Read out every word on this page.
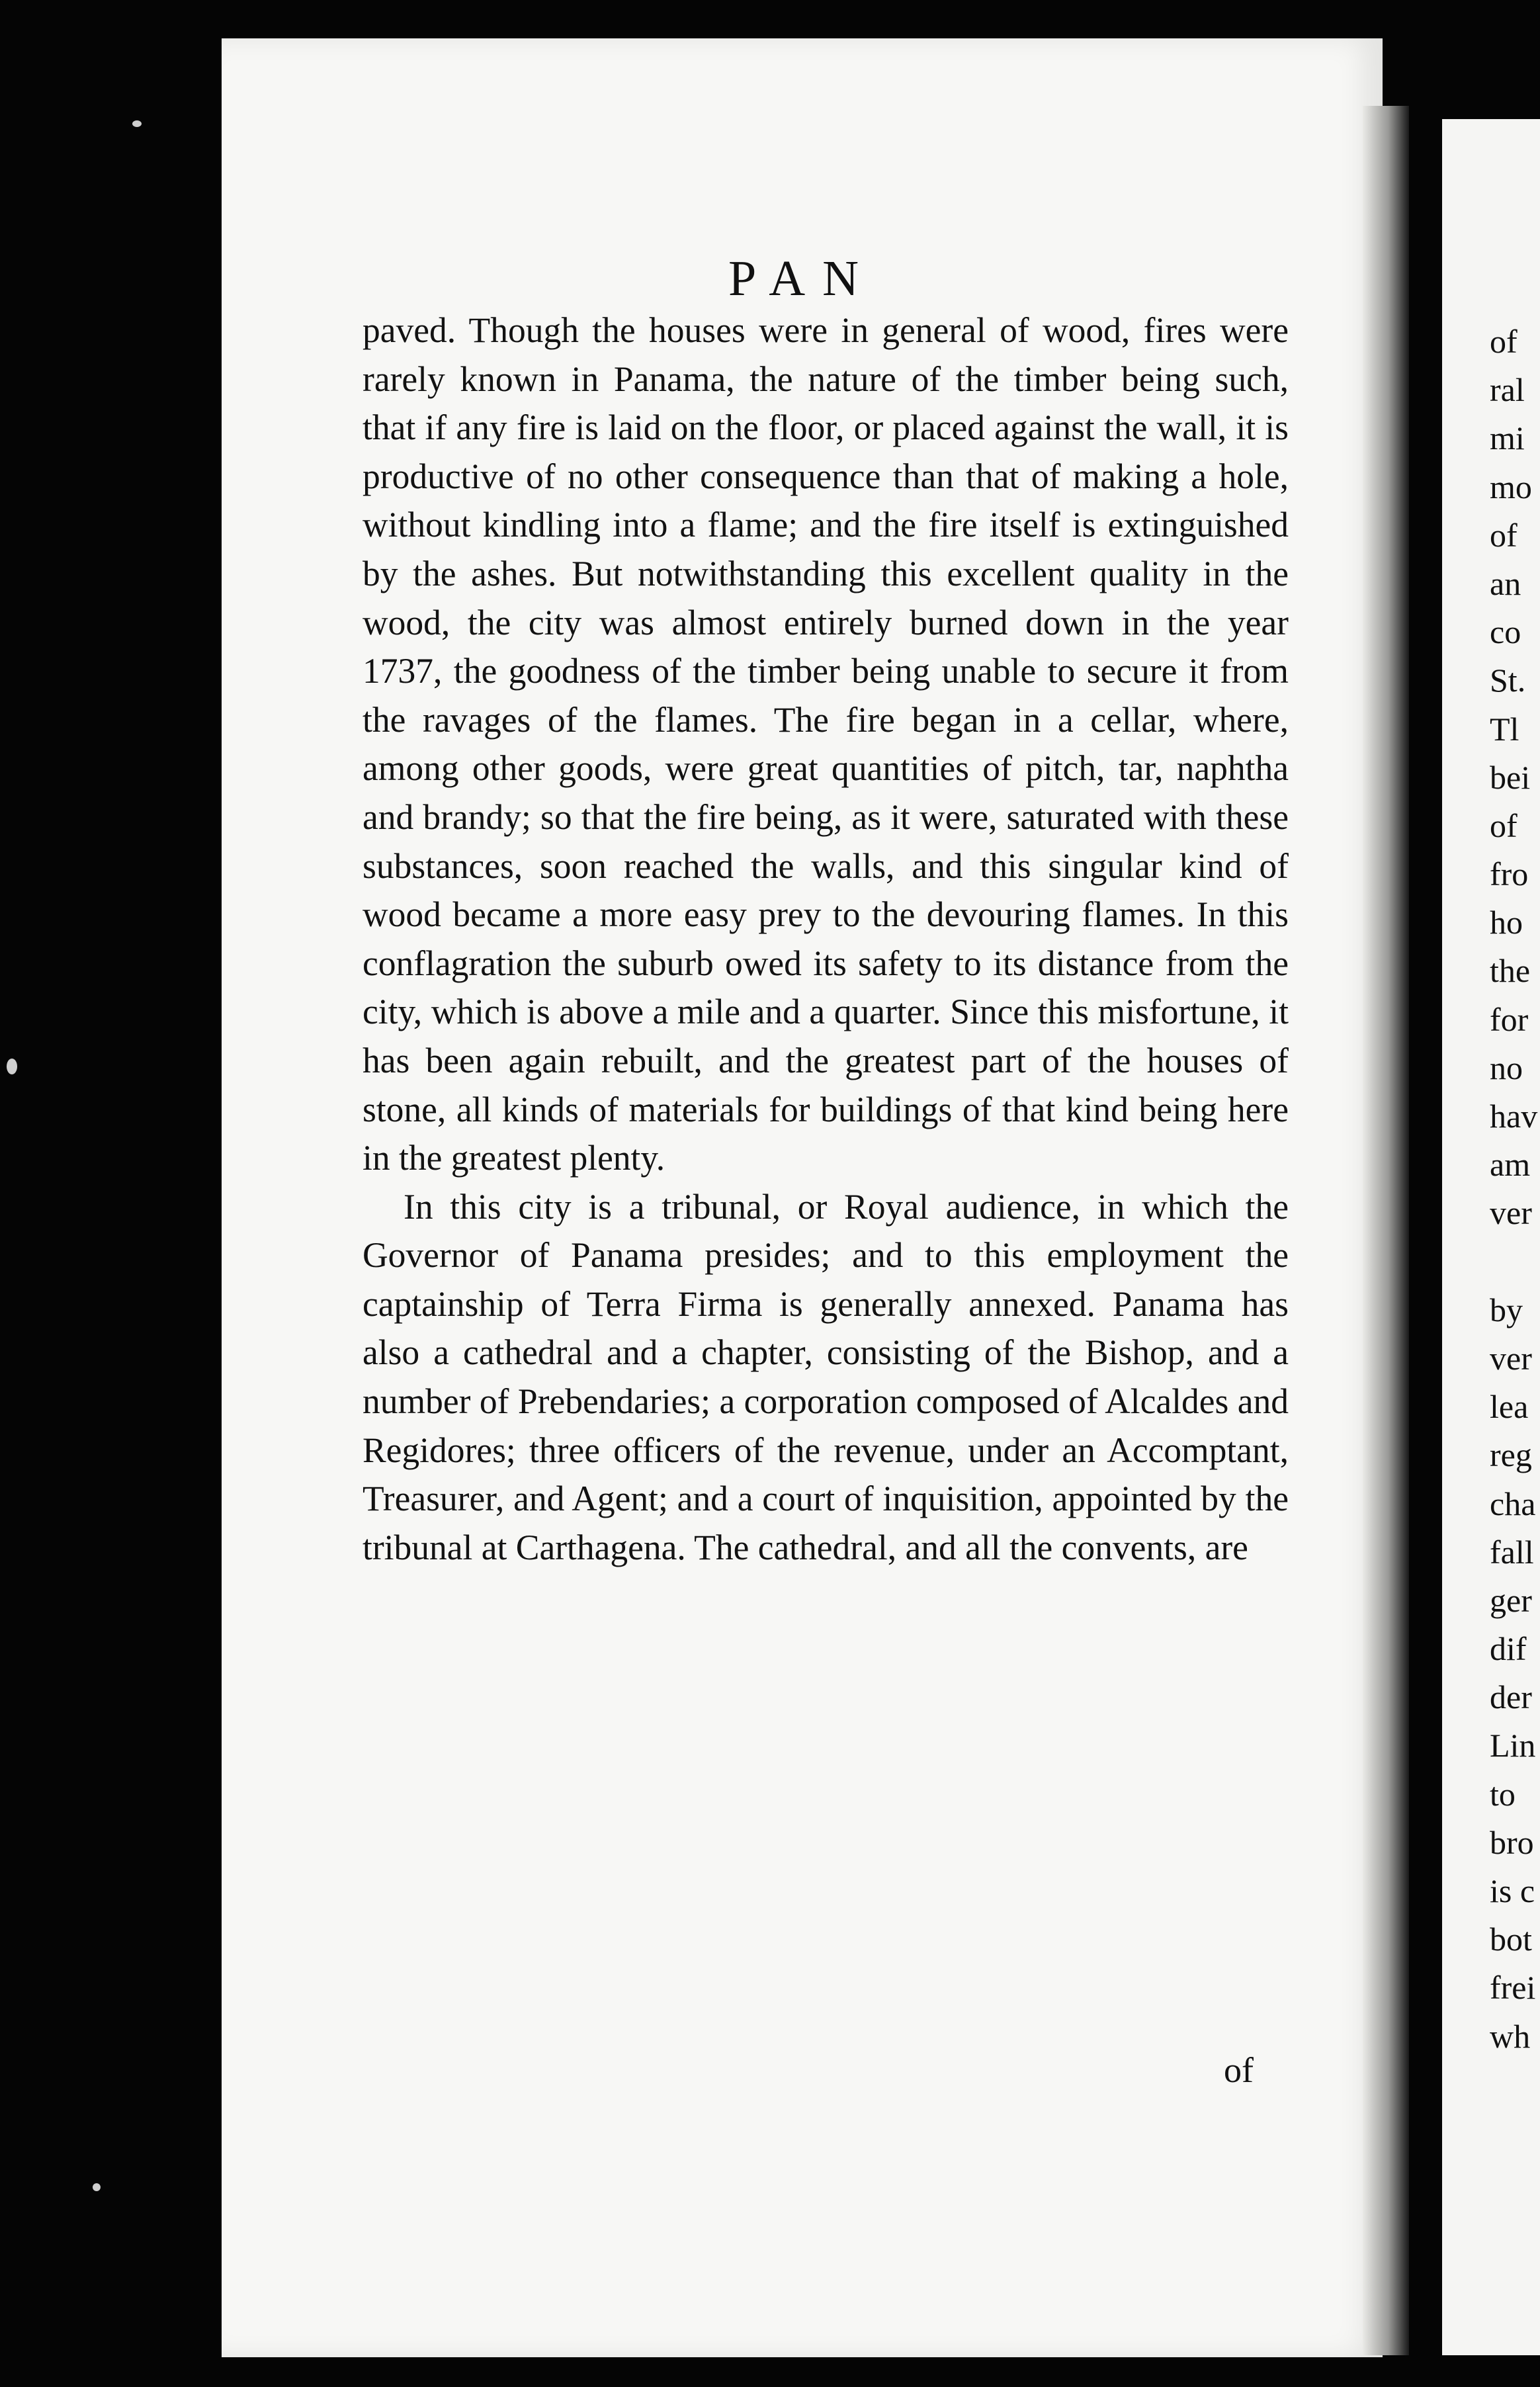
of
ral
mi
mo
of
an
co
St.
Tl
bei
of
fro
ho
the
for
no
hav
am
ver
by
ver
lea
reg
cha
fall
ger
dif
der
Lin
to
bro
is c
bot
frei
wh
PAN

paved. Though the houses were in general of wood, fires were rarely known in Panama, the nature of the timber being such, that if any fire is laid on the floor, or placed against the wall, it is productive of no other consequence than that of making a hole, without kindling into a flame; and the fire itself is extinguished by the ashes. But notwithstanding this excellent quality in the wood, the city was almost entirely burned down in the year 1737, the goodness of the timber being unable to secure it from the ravages of the flames. The fire began in a cellar, where, among other goods, were great quantities of pitch, tar, naphtha and brandy; so that the fire being, as it were, saturated with these substances, soon reached the walls, and this singular kind of wood became a more easy prey to the devouring flames. In this conflagration the suburb owed its safety to its distance from the city, which is above a mile and a quarter. Since this misfortune, it has been again rebuilt, and the greatest part of the houses of stone, all kinds of materials for buildings of that kind being here in the greatest plenty.

In this city is a tribunal, or Royal audience, in which the Governor of Panama presides; and to this employment the captainship of Terra Firma is generally annexed. Panama has also a cathedral and a chapter, consisting of the Bishop, and a number of Prebendaries; a corporation composed of Alcaldes and Regidores; three officers of the revenue, under an Accomptant, Treasurer, and Agent; and a court of inquisition, appointed by the tribunal at Carthagena. The cathedral, and all the convents, are

of
